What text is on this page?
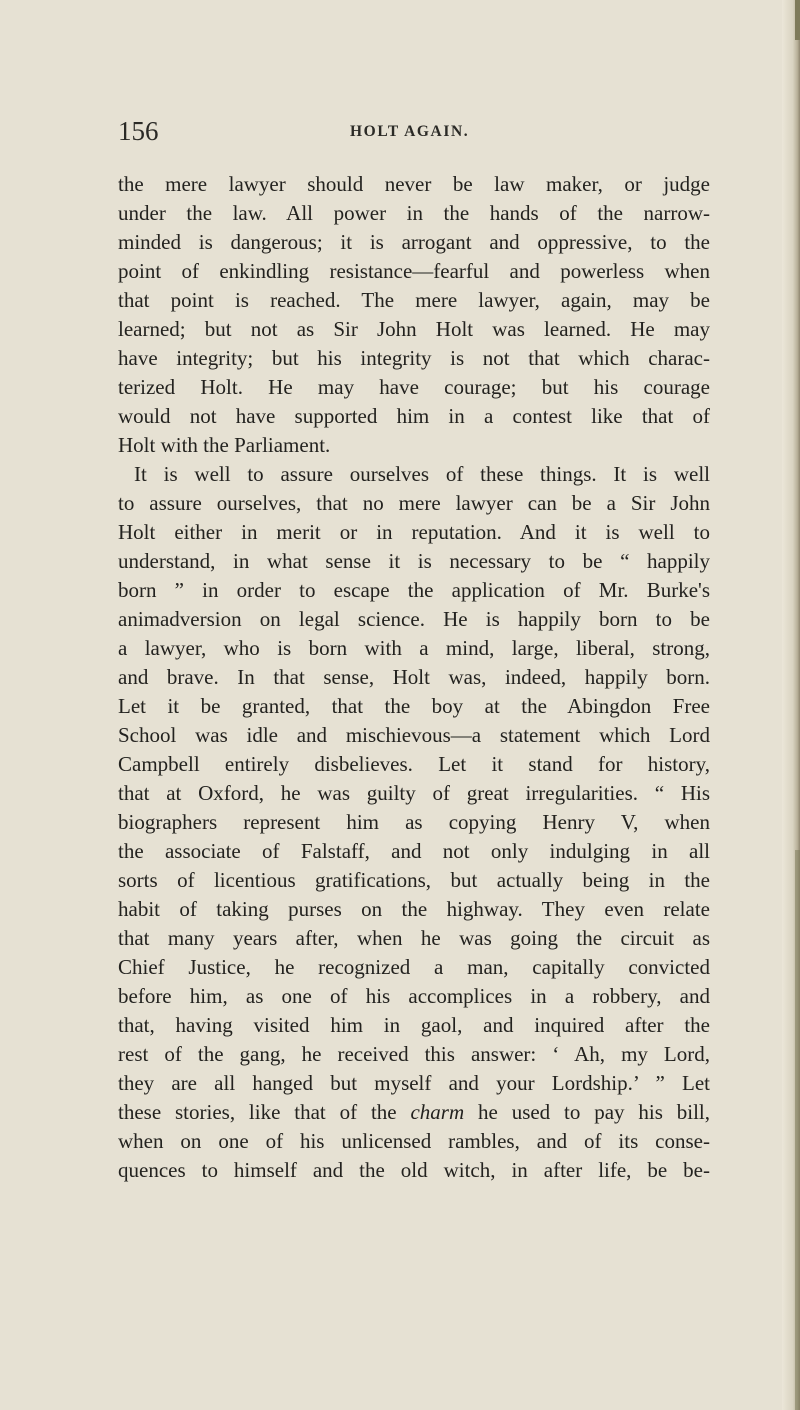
156	HOLT AGAIN.
the mere lawyer should never be law maker, or judge
under the law. All power in the hands of the narrow-
minded is dangerous; it is arrogant and oppressive, to the
point of enkindling resistance—fearful and powerless when
that point is reached. The mere lawyer, again, may be
learned; but not as Sir John Holt was learned. He may
have integrity; but his integrity is not that which charac-
terized Holt. He may have courage; but his courage
would not have supported him in a contest like that of
Holt with the Parliament.
It is well to assure ourselves of these things. It is well
to assure ourselves, that no mere lawyer can be a Sir John
Holt either in merit or in reputation. And it is well to
understand, in what sense it is necessary to be “ happily
born ” in order to escape the application of Mr. Burke's
animadversion on legal science. He is happily born to be
a lawyer, who is born with a mind, large, liberal, strong,
and brave. In that sense, Holt was, indeed, happily born.
Let it be granted, that the boy at the Abingdon Free
School was idle and mischievous—a statement which Lord
Campbell entirely disbelieves. Let it stand for history,
that at Oxford, he was guilty of great irregularities. “ His
biographers represent him as copying Henry V, when
the associate of Falstaff, and not only indulging in all
sorts of licentious gratifications, but actually being in the
habit of taking purses on the highway. They even relate
that many years after, when he was going the circuit as
Chief Justice, he recognized a man, capitally convicted
before him, as one of his accomplices in a robbery, and
that, having visited him in gaol, and inquired after the
rest of the gang, he received this answer: ‘ Ah, my Lord,
they are all hanged but myself and your Lordship.’ ” Let
these stories, like that of the charm he used to pay his bill,
when on one of his unlicensed rambles, and of its conse-
quences to himself and the old witch, in after life, be be-
